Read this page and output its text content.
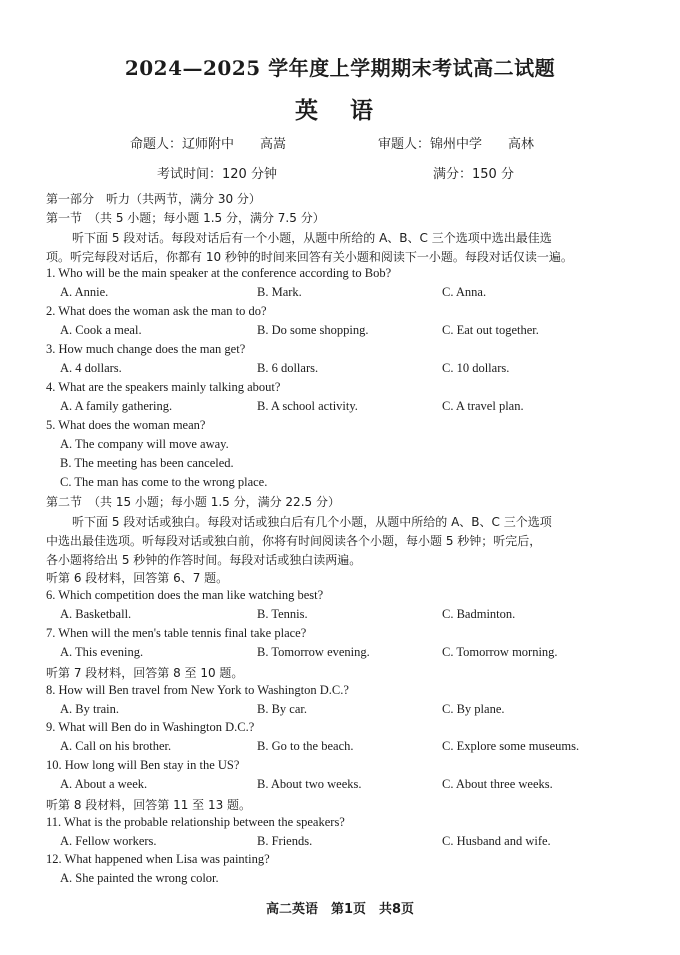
2024—2025 学年度上学期期末考试高二试题
英 语
命题人：辽师附中　　高嵩	审题人：锦州中学　　高林
考试时间：120 分钟	满分：150 分
第一部分　听力（共两节，满分 30 分）
第一节　（共 5 小题；每小题 1.5 分，满分 7.5 分）
听下面 5 段对话。每段对话后有一个小题，从题中所给的 A、B、C 三个选项中选出最佳选
项。听完每段对话后，你都有 10 秒钟的时间来回答有关小题和阅读下一小题。每段对话仅读一遍。
1. Who will be the main speaker at the conference according to Bob?
A. Annie.	B. Mark.	C. Anna.
2. What does the woman ask the man to do?
A. Cook a meal.	B. Do some shopping.	C. Eat out together.
3. How much change does the man get?
A. 4 dollars.	B. 6 dollars.	C. 10 dollars.
4. What are the speakers mainly talking about?
A. A family gathering.	B. A school activity.	C. A travel plan.
5. What does the woman mean?
A. The company will move away.
B. The meeting has been canceled.
C. The man has come to the wrong place.
第二节　（共 15 小题；每小题 1.5 分，满分 22.5 分）
听下面 5 段对话或独白。每段对话或独白后有几个小题，从题中所给的 A、B、C 三个选项
中选出最佳选项。听每段对话或独白前，你将有时间阅读各个小题，每小题 5 秒钟；听完后，
各小题将给出 5 秒钟的作答时间。每段对话或独白读两遍。
听第 6 段材料，回答第 6、7 题。
6. Which competition does the man like watching best?
A. Basketball.	B. Tennis.	C. Badminton.
7. When will the men's table tennis final take place?
A. This evening.	B. Tomorrow evening.	C. Tomorrow morning.
听第 7 段材料，回答第 8 至 10 题。
8. How will Ben travel from New York to Washington D.C.?
A. By train.	B. By car.	C. By plane.
9. What will Ben do in Washington D.C.?
A. Call on his brother.	B. Go to the beach.	C. Explore some museums.
10. How long will Ben stay in the US?
A. About a week.	B. About two weeks.	C. About three weeks.
听第 8 段材料，回答第 11 至 13 题。
11. What is the probable relationship between the speakers?
A. Fellow workers.	B. Friends.	C. Husband and wife.
12. What happened when Lisa was painting?
A. She painted the wrong color.
高二英语　第1页　共8页
